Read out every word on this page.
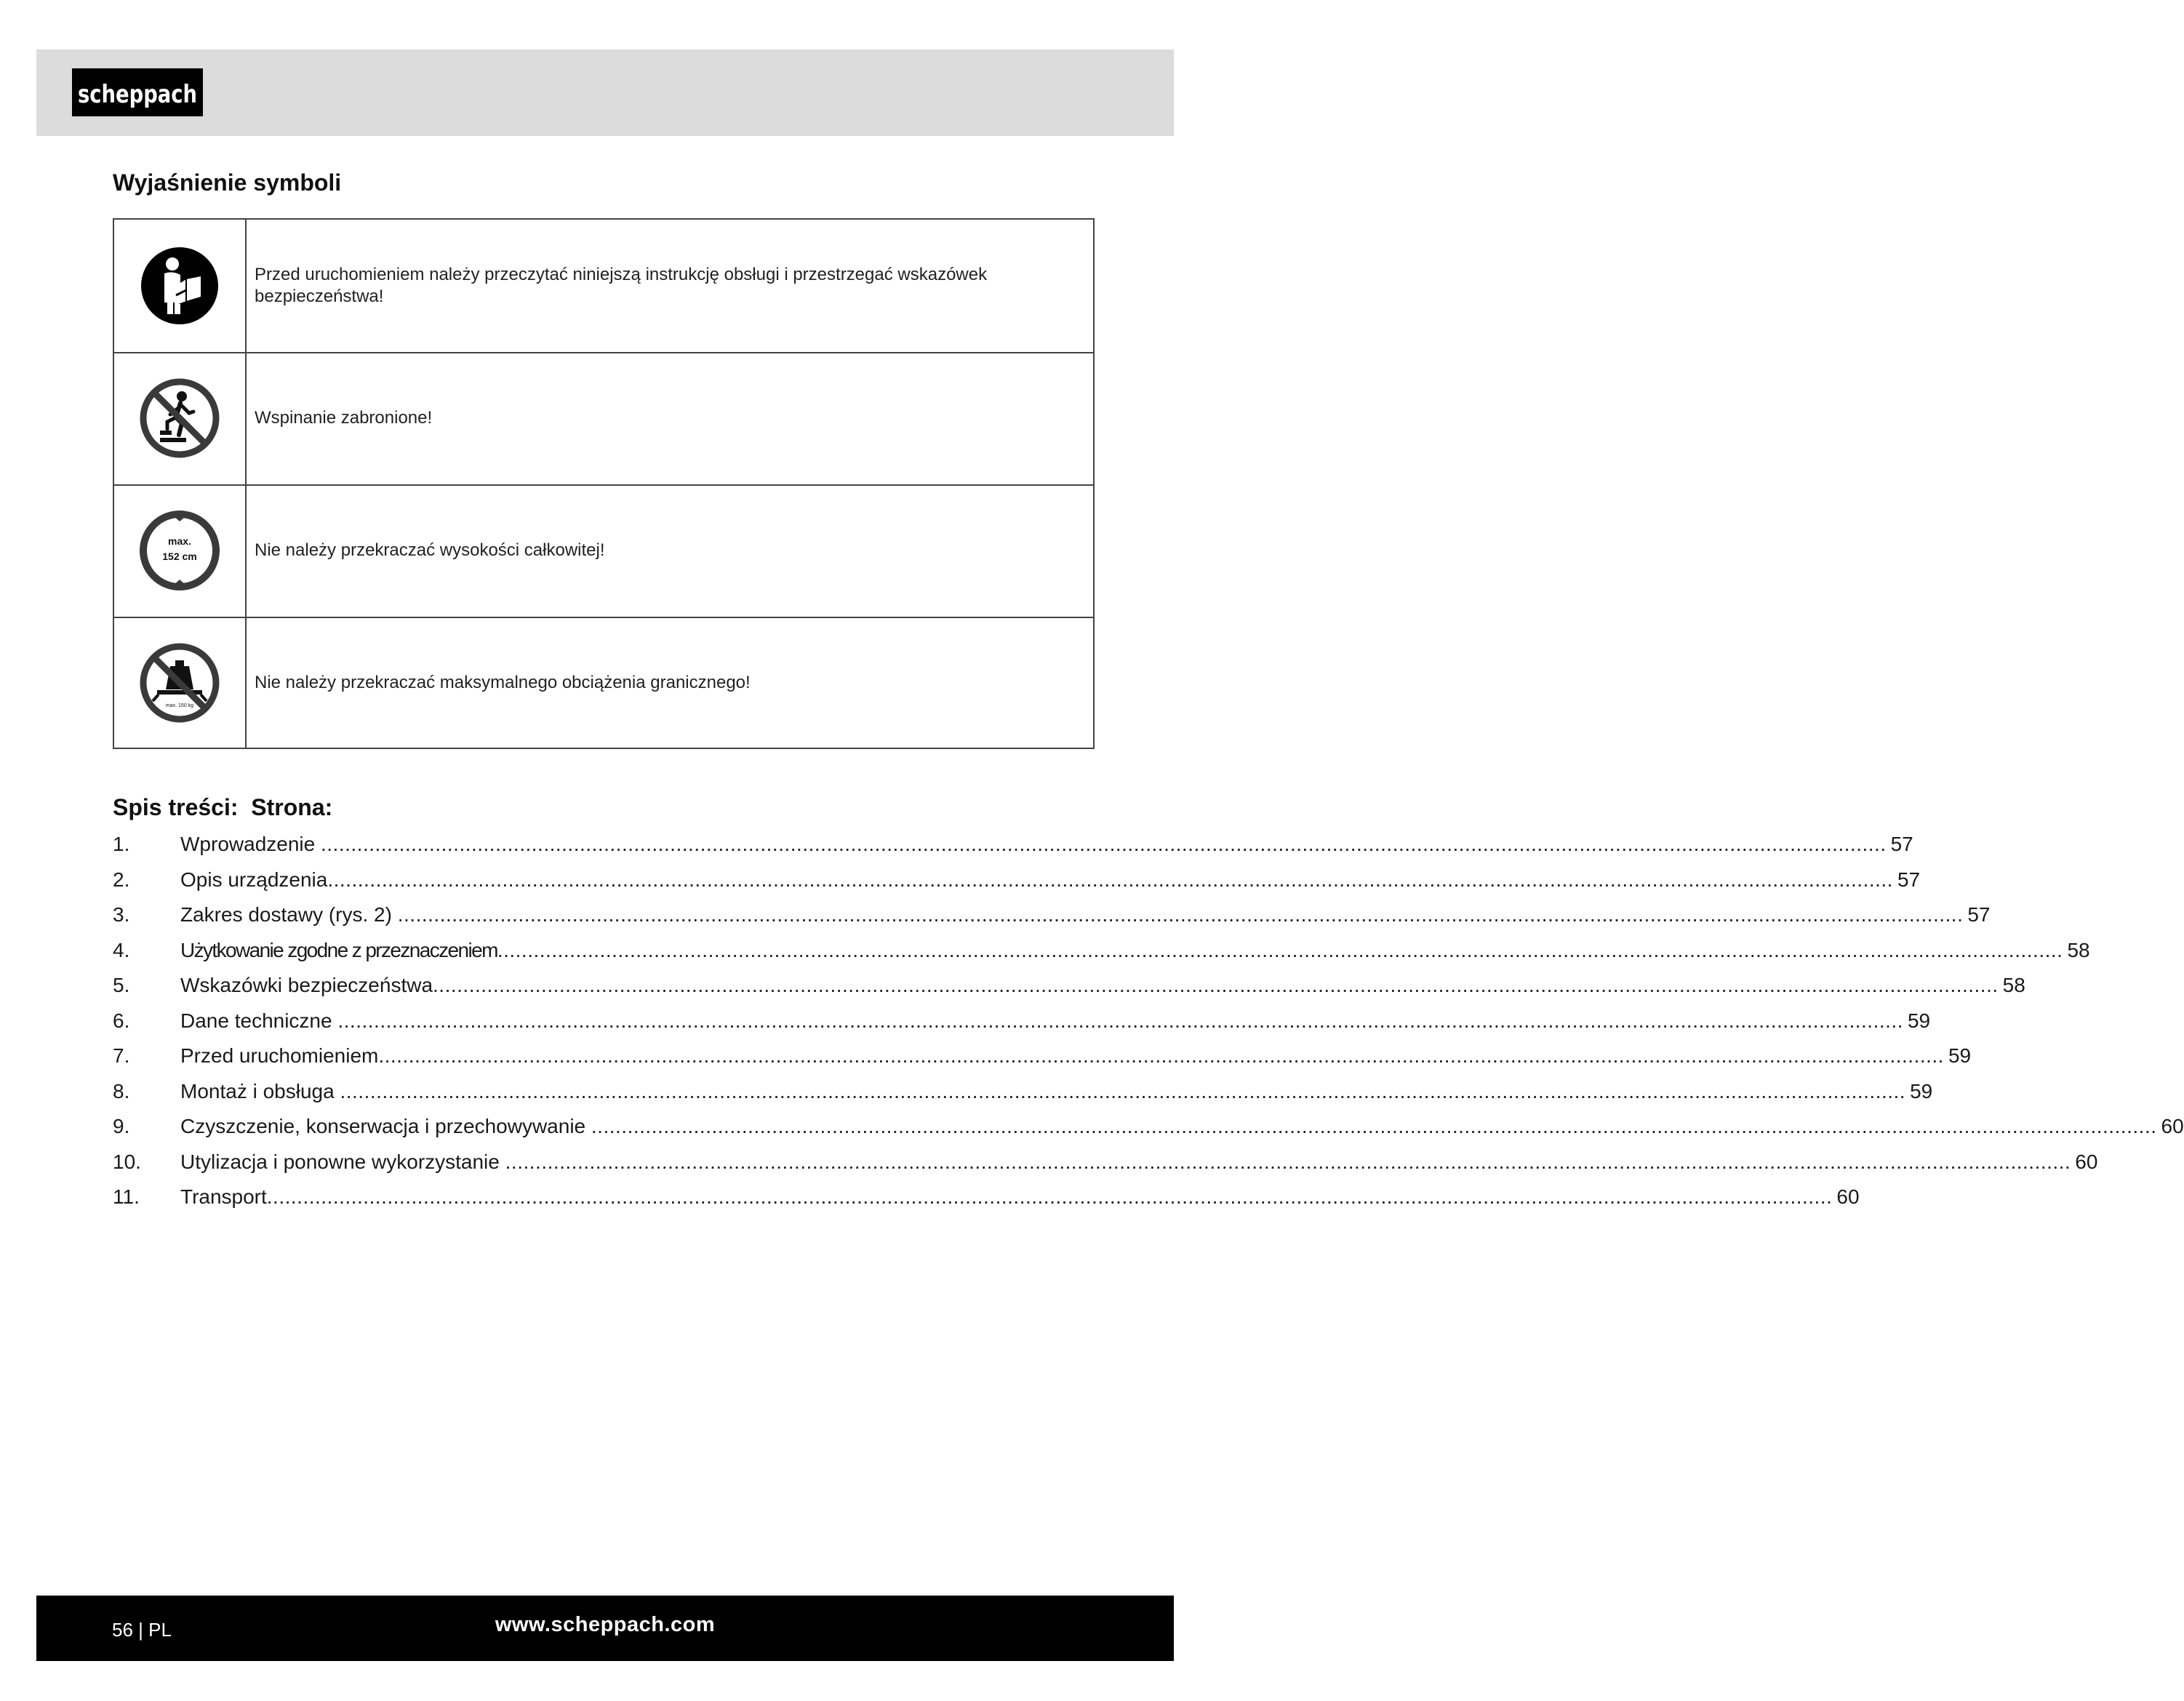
scheppach
Wyjaśnienie symboli
Przed uruchomieniem należy przeczytać niniejszą instrukcję obsługi i przestrzegać wskazówek bezpieczeństwa!
Wspinanie zabronione!
max.
152 cm	Nie należy przekraczać wysokości całkowitej!
max. 150 kg
Nie należy przekraczać maksymalnego obciążenia granicznego!
Spis treści:  Strona:
1. Wprowadzenie .................................................................................................................................................................................................................................................................... 57
2. Opis urządzenia .................................................................................................................................................................................................................................................................... 57
3. Zakres dostawy (rys. 2) .................................................................................................................................................................................................................................................................... 57
4. Użytkowanie zgodne z przeznaczeniem .................................................................................................................................................................................................................................................................... 58
5. Wskazówki bezpieczeństwa .................................................................................................................................................................................................................................................................... 58
6. Dane techniczne .................................................................................................................................................................................................................................................................... 59
7. Przed uruchomieniem .................................................................................................................................................................................................................................................................... 59
8. Montaż i obsługa .................................................................................................................................................................................................................................................................... 59
9. Czyszczenie, konserwacja i przechowywanie .................................................................................................................................................................................................................................................................... 60
10. Utylizacja i ponowne wykorzystanie .................................................................................................................................................................................................................................................................... 60
11. Transport .................................................................................................................................................................................................................................................................... 60
56 | PL	www.scheppach.com
